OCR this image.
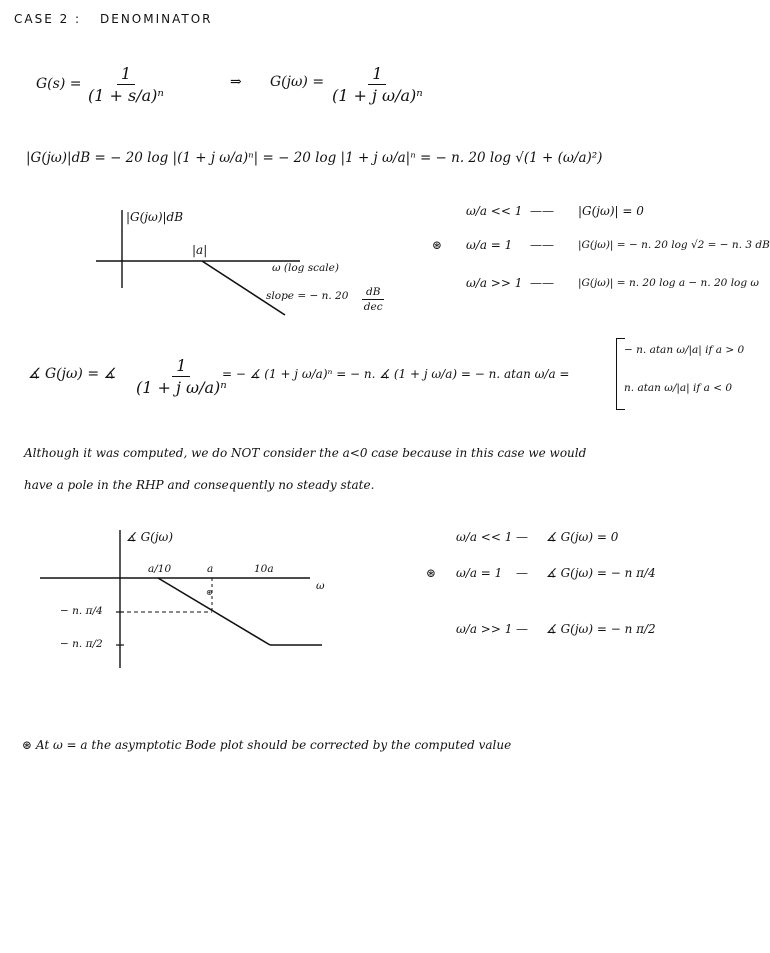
CASE 2 : DENOMINATOR
$G(s) = \frac{1}{\text{(1 + s/a)ⁿ}}$	⇒ $G(j\omega) = \frac{1}{\text{(1 + j ω/a)ⁿ}}$
|G(jω)|dB = − 20 log |(1 + j ω/a)ⁿ| = − 20 log |1 + j ω/a|ⁿ = − n. 20 log √(1 + (ω/a)²)
|G(jω)|dB
|a|
ω (log scale)
slope = − n. 20	dB
dec
⊛
ω/a << 1 —— |G(jω)| = 0
ω/a = 1 —— |G(jω)| = − n. 20 log √2 = − n. 3 dB
ω/a >> 1 —— |G(jω)| = n. 20 log a − n. 20 log ω
∡ G(jω) = ∡ $\frac{1}{\text{(1 + j ω/a)ⁿ}}$
= − ∡ (1 + j ω/a)ⁿ = − n. ∡ (1 + j ω/a) = − n. atan ω/a =
− n. atan ω/|a| if a > 0
n. atan ω/|a| if a < 0
Although it was computed, we do NOT consider the a<0 case because in this case we would
have a pole in the RHP and consequently no steady state.
∡ G(jω)
a/10	a	10a
ω
− n. π/4
− n. π/2
⊛
⊛
ω/a << 1 — ∡ G(jω) = 0
ω/a = 1 — ∡ G(jω) = − n π/4
ω/a >> 1 — ∡ G(jω) = − n π/2
⊛ At ω = a the asymptotic Bode plot should be corrected by the computed value
